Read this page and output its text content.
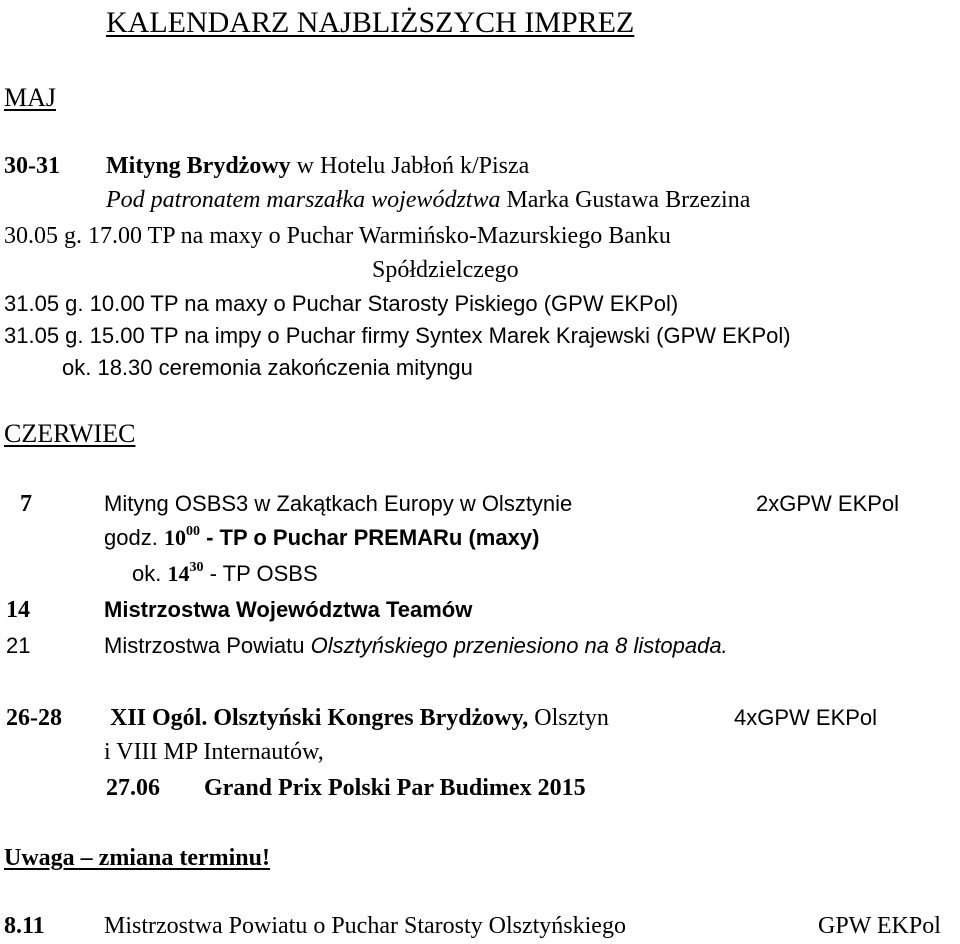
KALENDARZ NAJBLIŻSZYCH IMPREZ
MAJ
30-31 Mityng Brydżowy w Hotelu Jabłoń k/Pisza
Pod patronatem marszałka województwa Marka Gustawa Brzezina
30.05 g. 17.00 TP na maxy o Puchar Warmińsko-Mazurskiego Banku
Spółdzielczego
31.05 g. 10.00 TP na maxy o Puchar Starosty Piskiego (GPW EKPol)
31.05 g. 15.00 TP na impy o Puchar firmy Syntex Marek Krajewski (GPW EKPol)
ok. 18.30 ceremonia zakończenia mityngu
CZERWIEC
7	Mityng OSBS3 w Zakątkach Europy w Olsztynie	2xGPW EKPol
godz. $10^{00}$ - TP o Puchar PREMARu (maxy)
ok. $14^{30}$ - TP OSBS
14	Mistrzostwa Województwa Teamów
21	Mistrzostwa Powiatu Olsztyńskiego przeniesiono na 8 listopada.
26-28 XII Ogól. Olsztyński Kongres Brydżowy, Olsztyn	4xGPW EKPol
i VIII MP Internautów,
27.06 Grand Prix Polski Par Budimex 2015
Uwaga – zmiana terminu!
8.11 Mistrzostwa Powiatu o Puchar Starosty Olsztyńskiego	GPW EKPol
